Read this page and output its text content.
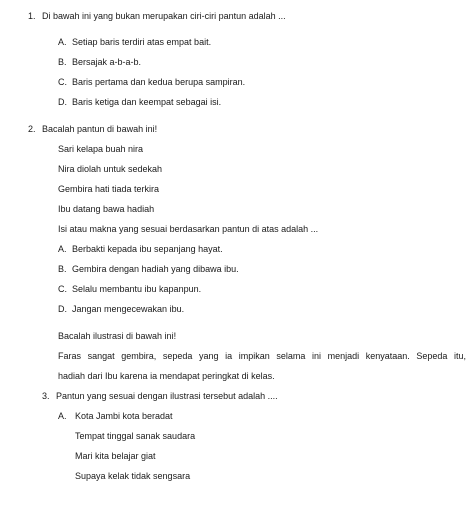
1. Di bawah ini yang bukan merupakan ciri-ciri pantun adalah ...
A. Setiap baris terdiri atas empat bait.
B. Bersajak a-b-a-b.
C. Baris pertama dan kedua berupa sampiran.
D. Baris ketiga dan keempat sebagai isi.
2. Bacalah pantun di bawah ini!
Sari kelapa buah nira
Nira diolah untuk sedekah
Gembira hati tiada terkira
Ibu datang bawa hadiah
Isi atau makna yang sesuai berdasarkan pantun di atas adalah ...
A. Berbakti kepada ibu sepanjang hayat.
B. Gembira dengan hadiah yang dibawa ibu.
C. Selalu membantu ibu kapanpun.
D. Jangan mengecewakan ibu.
Bacalah ilustrasi di bawah ini!
Faras sangat gembira, sepeda yang ia impikan selama ini menjadi kenyataan. Sepeda itu,
hadiah dari Ibu karena ia mendapat peringkat di kelas.
3. Pantun yang sesuai dengan ilustrasi tersebut adalah ....
A. Kota Jambi kota beradat
Tempat tinggal sanak saudara
Mari kita belajar giat
Supaya kelak tidak sengsara
